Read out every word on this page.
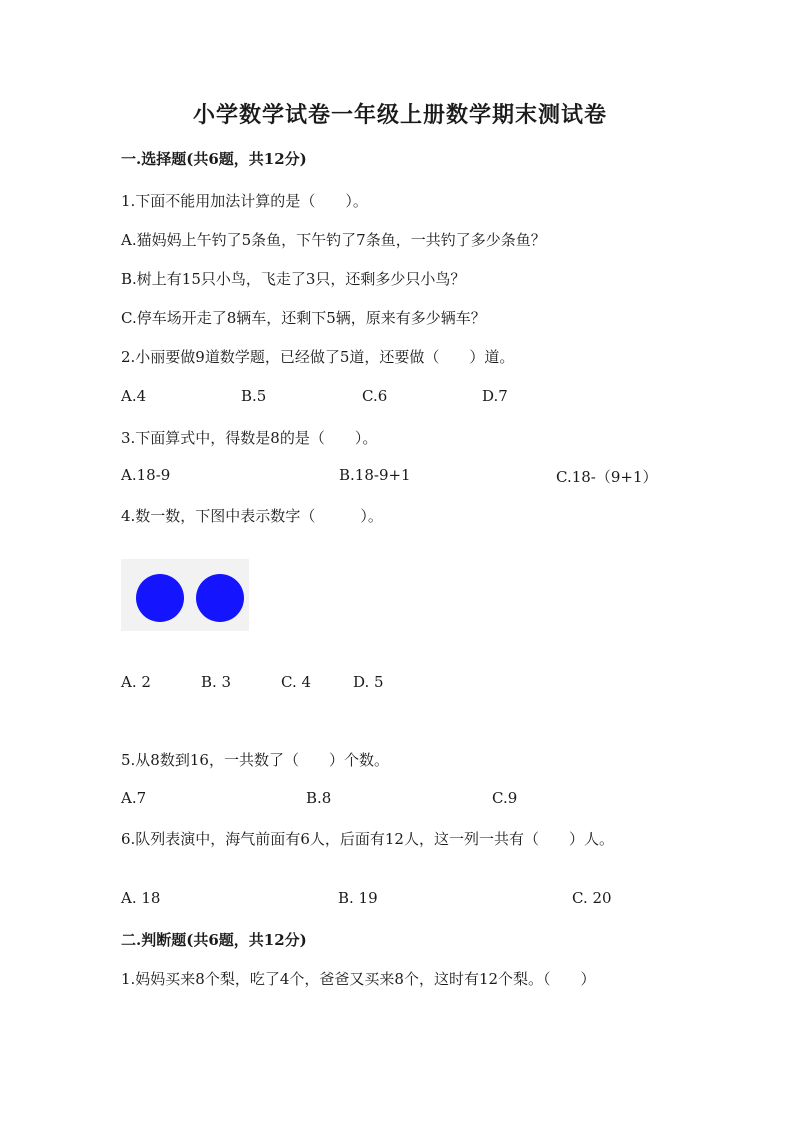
小学数学试卷一年级上册数学期末测试卷
一.选择题(共6题，共12分)
1.下面不能用加法计算的是（　　）。
A.猫妈妈上午钓了5条鱼，下午钓了7条鱼，一共钓了多少条鱼？
B.树上有15只小鸟，飞走了3只，还剩多少只小鸟？
C.停车场开走了8辆车，还剩下5辆，原来有多少辆车？
2.小丽要做9道数学题，已经做了5道，还要做（　　）道。
A.4	B.5	C.6	D.7
3.下面算式中，得数是8的是（　　）。
A.18-9	B.18-9+1	C.18-（9+1）
4.数一数，下图中表示数字（　　　）。
A. 2	B. 3	C. 4	D. 5
5.从8数到16，一共数了（　　）个数。
A.7	B.8	C.9
6.队列表演中，海气前面有6人，后面有12人，这一列一共有（　　）人。
A. 18	B. 19	C. 20
二.判断题(共6题，共12分)
1.妈妈买来8个梨，吃了4个，爸爸又买来8个，这时有12个梨。（　　）
